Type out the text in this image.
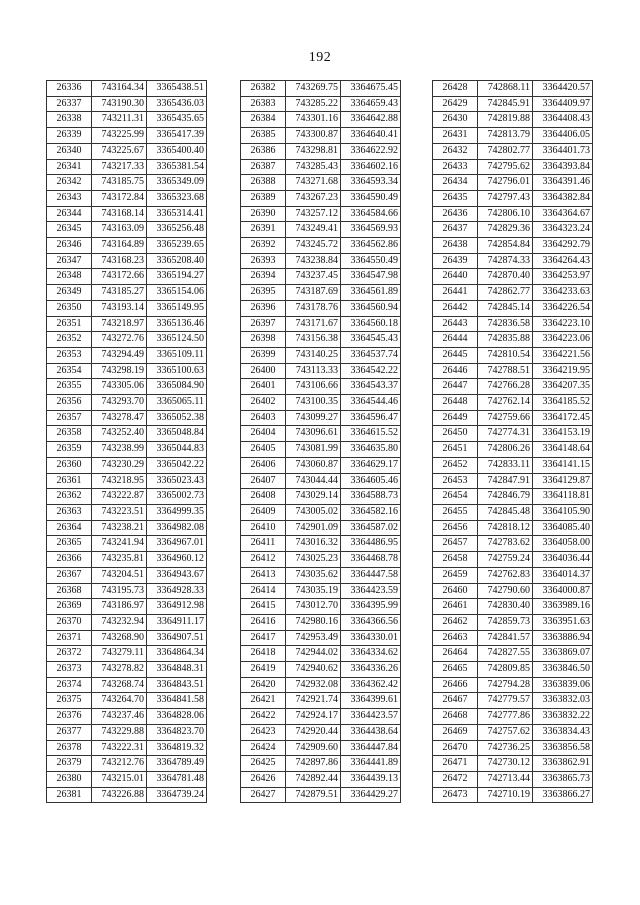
192
26336	743164.34	3365438.51
26337	743190.30	3365436.03
26338	743211.31	3365435.65
26339	743225.99	3365417.39
26340	743225.67	3365400.40
26341	743217.33	3365381.54
26342	743185.75	3365349.09
26343	743172.84	3365323.68
26344	743168.14	3365314.41
26345	743163.09	3365256.48
26346	743164.89	3365239.65
26347	743168.23	3365208.40
26348	743172.66	3365194.27
26349	743185.27	3365154.06
26350	743193.14	3365149.95
26351	743218.97	3365136.46
26352	743272.76	3365124.50
26353	743294.49	3365109.11
26354	743298.19	3365100.63
26355	743305.06	3365084.90
26356	743293.70	3365065.11
26357	743278.47	3365052.38
26358	743252.40	3365048.84
26359	743238.99	3365044.83
26360	743230.29	3365042.22
26361	743218.95	3365023.43
26362	743222.87	3365002.73
26363	743223.51	3364999.35
26364	743238.21	3364982.08
26365	743241.94	3364967.01
26366	743235.81	3364960.12
26367	743204.51	3364943.67
26368	743195.73	3364928.33
26369	743186.97	3364912.98
26370	743232.94	3364911.17
26371	743268.90	3364907.51
26372	743279.11	3364864.34
26373	743278.82	3364848.31
26374	743268.74	3364843.51
26375	743264.70	3364841.58
26376	743237.46	3364828.06
26377	743229.88	3364823.70
26378	743222.31	3364819.32
26379	743212.76	3364789.49
26380	743215.01	3364781.48
26381	743226.88	3364739.24
26382	743269.75	3364675.45
26383	743285.22	3364659.43
26384	743301.16	3364642.88
26385	743300.87	3364640.41
26386	743298.81	3364622.92
26387	743285.43	3364602.16
26388	743271.68	3364593.34
26389	743267.23	3364590.49
26390	743257.12	3364584.66
26391	743249.41	3364569.93
26392	743245.72	3364562.86
26393	743238.84	3364550.49
26394	743237.45	3364547.98
26395	743187.69	3364561.89
26396	743178.76	3364560.94
26397	743171.67	3364560.18
26398	743156.38	3364545.43
26399	743140.25	3364537.74
26400	743113.33	3364542.22
26401	743106.66	3364543.37
26402	743100.35	3364544.46
26403	743099.27	3364596.47
26404	743096.61	3364615.52
26405	743081.99	3364635.80
26406	743060.87	3364629.17
26407	743044.44	3364605.46
26408	743029.14	3364588.73
26409	743005.02	3364582.16
26410	742901.09	3364587.02
26411	743016.32	3364486.95
26412	743025.23	3364468.78
26413	743035.62	3364447.58
26414	743035.19	3364423.59
26415	743012.70	3364395.99
26416	742980.16	3364366.56
26417	742953.49	3364330.01
26418	742944.02	3364334.62
26419	742940.62	3364336.26
26420	742932.08	3364362.42
26421	742921.74	3364399.61
26422	742924.17	3364423.57
26423	742920.44	3364438.64
26424	742909.60	3364447.84
26425	742897.86	3364441.89
26426	742892.44	3364439.13
26427	742879.51	3364429.27
26428	742868.11	3364420.57
26429	742845.91	3364409.97
26430	742819.88	3364408.43
26431	742813.79	3364406.05
26432	742802.77	3364401.73
26433	742795.62	3364393.84
26434	742796.01	3364391.46
26435	742797.43	3364382.84
26436	742806.10	3364364.67
26437	742829.36	3364323.24
26438	742854.84	3364292.79
26439	742874.33	3364264.43
26440	742870.40	3364253.97
26441	742862.77	3364233.63
26442	742845.14	3364226.54
26443	742836.58	3364223.10
26444	742835.88	3364223.06
26445	742810.54	3364221.56
26446	742788.51	3364219.95
26447	742766.28	3364207.35
26448	742762.14	3364185.52
26449	742759.66	3364172.45
26450	742774.31	3364153.19
26451	742806.26	3364148.64
26452	742833.11	3364141.15
26453	742847.91	3364129.87
26454	742846.79	3364118.81
26455	742845.48	3364105.90
26456	742818.12	3364085.40
26457	742783.62	3364058.00
26458	742759.24	3364036.44
26459	742762.83	3364014.37
26460	742790.60	3364000.87
26461	742830.40	3363989.16
26462	742859.73	3363951.63
26463	742841.57	3363886.94
26464	742827.55	3363869.07
26465	742809.85	3363846.50
26466	742794.28	3363839.06
26467	742779.57	3363832.03
26468	742777.86	3363832.22
26469	742757.62	3363834.43
26470	742736.25	3363856.58
26471	742730.12	3363862.91
26472	742713.44	3363865.73
26473	742710.19	3363866.27
